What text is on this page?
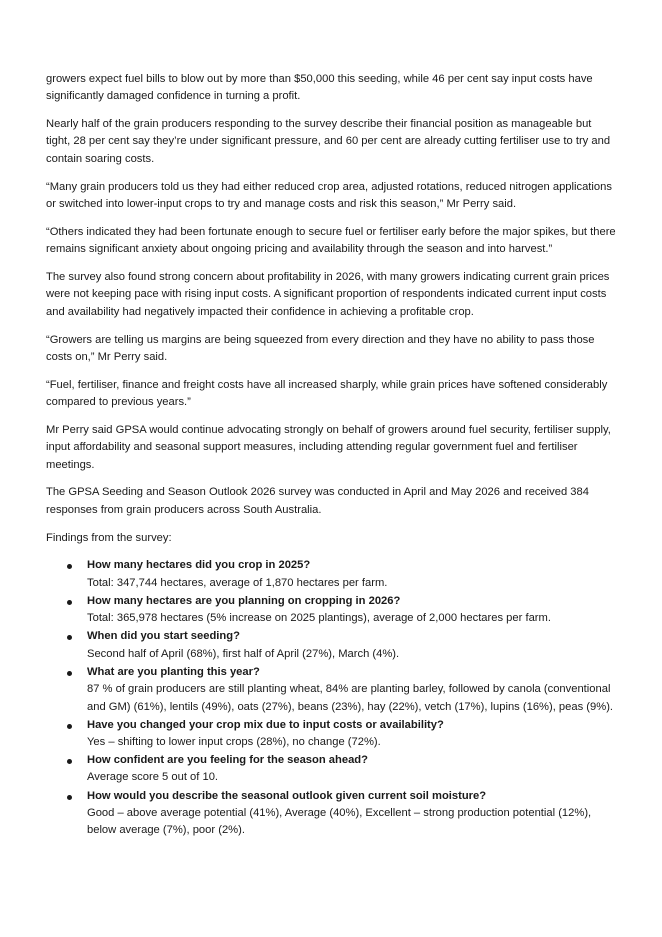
growers expect fuel bills to blow out by more than $50,000 this seeding, while 46 per cent say input costs have significantly damaged confidence in turning a profit.

Nearly half of the grain producers responding to the survey describe their financial position as manageable but tight, 28 per cent say they’re under significant pressure, and 60 per cent are already cutting fertiliser use to try and contain soaring costs.

“Many grain producers told us they had either reduced crop area, adjusted rotations, reduced nitrogen applications or switched into lower-input crops to try and manage costs and risk this season,” Mr Perry said.

“Others indicated they had been fortunate enough to secure fuel or fertiliser early before the major spikes, but there remains significant anxiety about ongoing pricing and availability through the season and into harvest.”

The survey also found strong concern about profitability in 2026, with many growers indicating current grain prices were not keeping pace with rising input costs. A significant proportion of respondents indicated current input costs and availability had negatively impacted their confidence in achieving a profitable crop.

“Growers are telling us margins are being squeezed from every direction and they have no ability to pass those costs on,” Mr Perry said.

“Fuel, fertiliser, finance and freight costs have all increased sharply, while grain prices have softened considerably compared to previous years.”

Mr Perry said GPSA would continue advocating strongly on behalf of growers around fuel security, fertiliser supply, input affordability and seasonal support measures, including attending regular government fuel and fertiliser meetings.

The GPSA Seeding and Season Outlook 2026 survey was conducted in April and May 2026 and received 384 responses from grain producers across South Australia.

Findings from the survey:

How many hectares did you crop in 2025?
Total: 347,744 hectares, average of 1,870 hectares per farm.
How many hectares are you planning on cropping in 2026?
Total: 365,978 hectares (5% increase on 2025 plantings), average of 2,000 hectares per farm.
When did you start seeding?
Second half of April (68%), first half of April (27%), March (4%).
What are you planting this year?
87 % of grain producers are still planting wheat, 84% are planting barley, followed by canola (conventional and GM) (61%), lentils (49%), oats (27%), beans (23%), hay (22%), vetch (17%), lupins (16%), peas (9%).
Have you changed your crop mix due to input costs or availability?
Yes – shifting to lower input crops (28%), no change (72%).
How confident are you feeling for the season ahead?
Average score 5 out of 10.
How would you describe the seasonal outlook given current soil moisture?
Good – above average potential (41%), Average (40%), Excellent – strong production potential (12%), below average (7%), poor (2%).
